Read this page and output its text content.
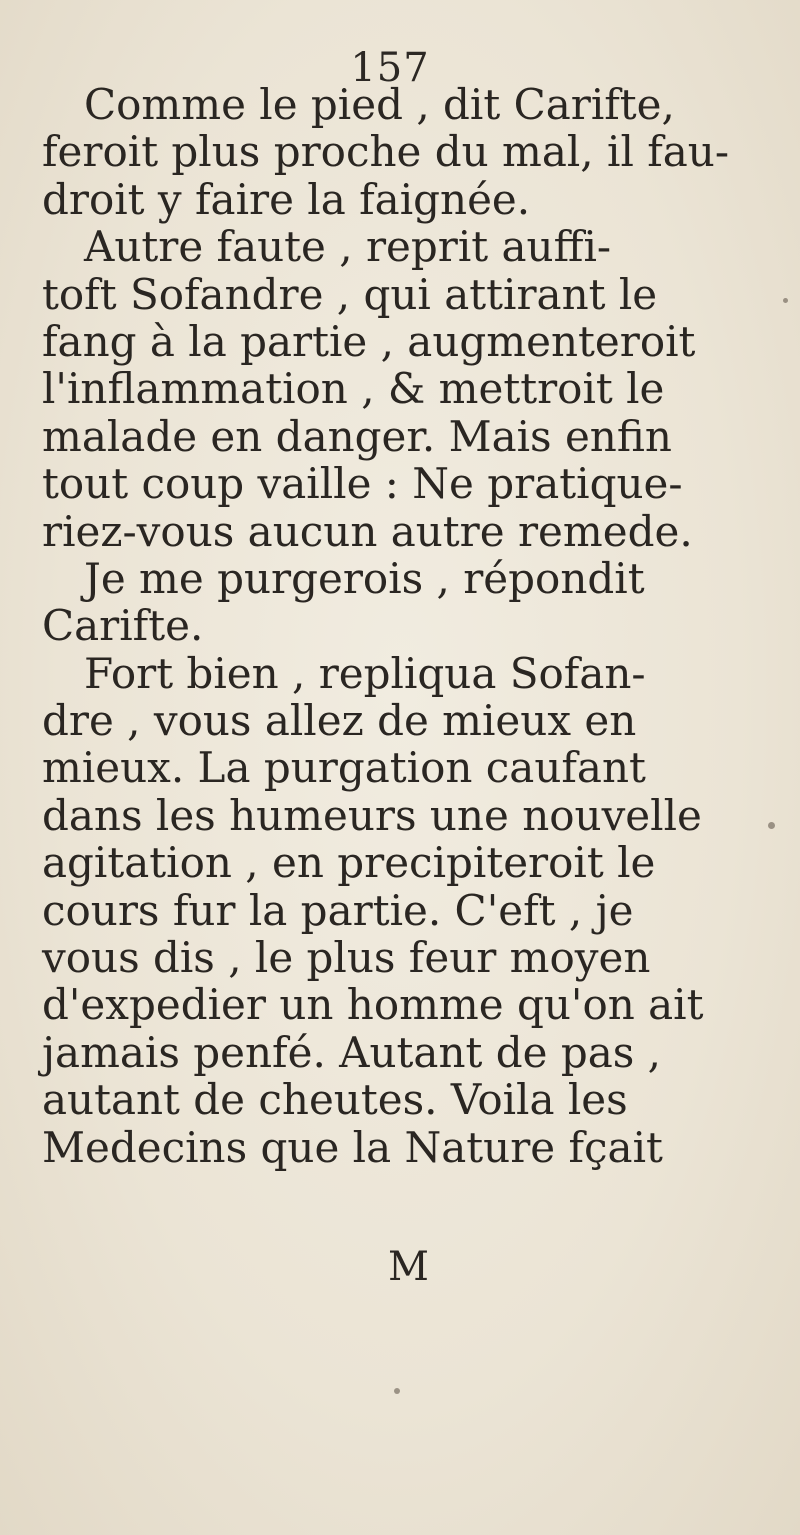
157
Comme le pied , dit Carifte,
feroit plus proche du mal, il fau-
droit y faire la faignée.
Autre faute , reprit auffi-
toft Sofandre , qui attirant le
fang à la partie , augmenteroit
l'inflammation , & mettroit le
malade en danger. Mais enfin
tout coup vaille : Ne pratique-
riez-vous aucun autre remede.
Je me purgerois , répondit
Carifte.
Fort bien , repliqua Sofan-
dre , vous allez de mieux en
mieux. La purgation caufant
dans les humeurs une nouvelle
agitation , en precipiteroit le
cours fur la partie. C'eft , je
vous dis , le plus feur moyen
d'expedier un homme qu'on ait
jamais penfé. Autant de pas ,
autant de cheutes. Voila les
Medecins que la Nature fçait
M
